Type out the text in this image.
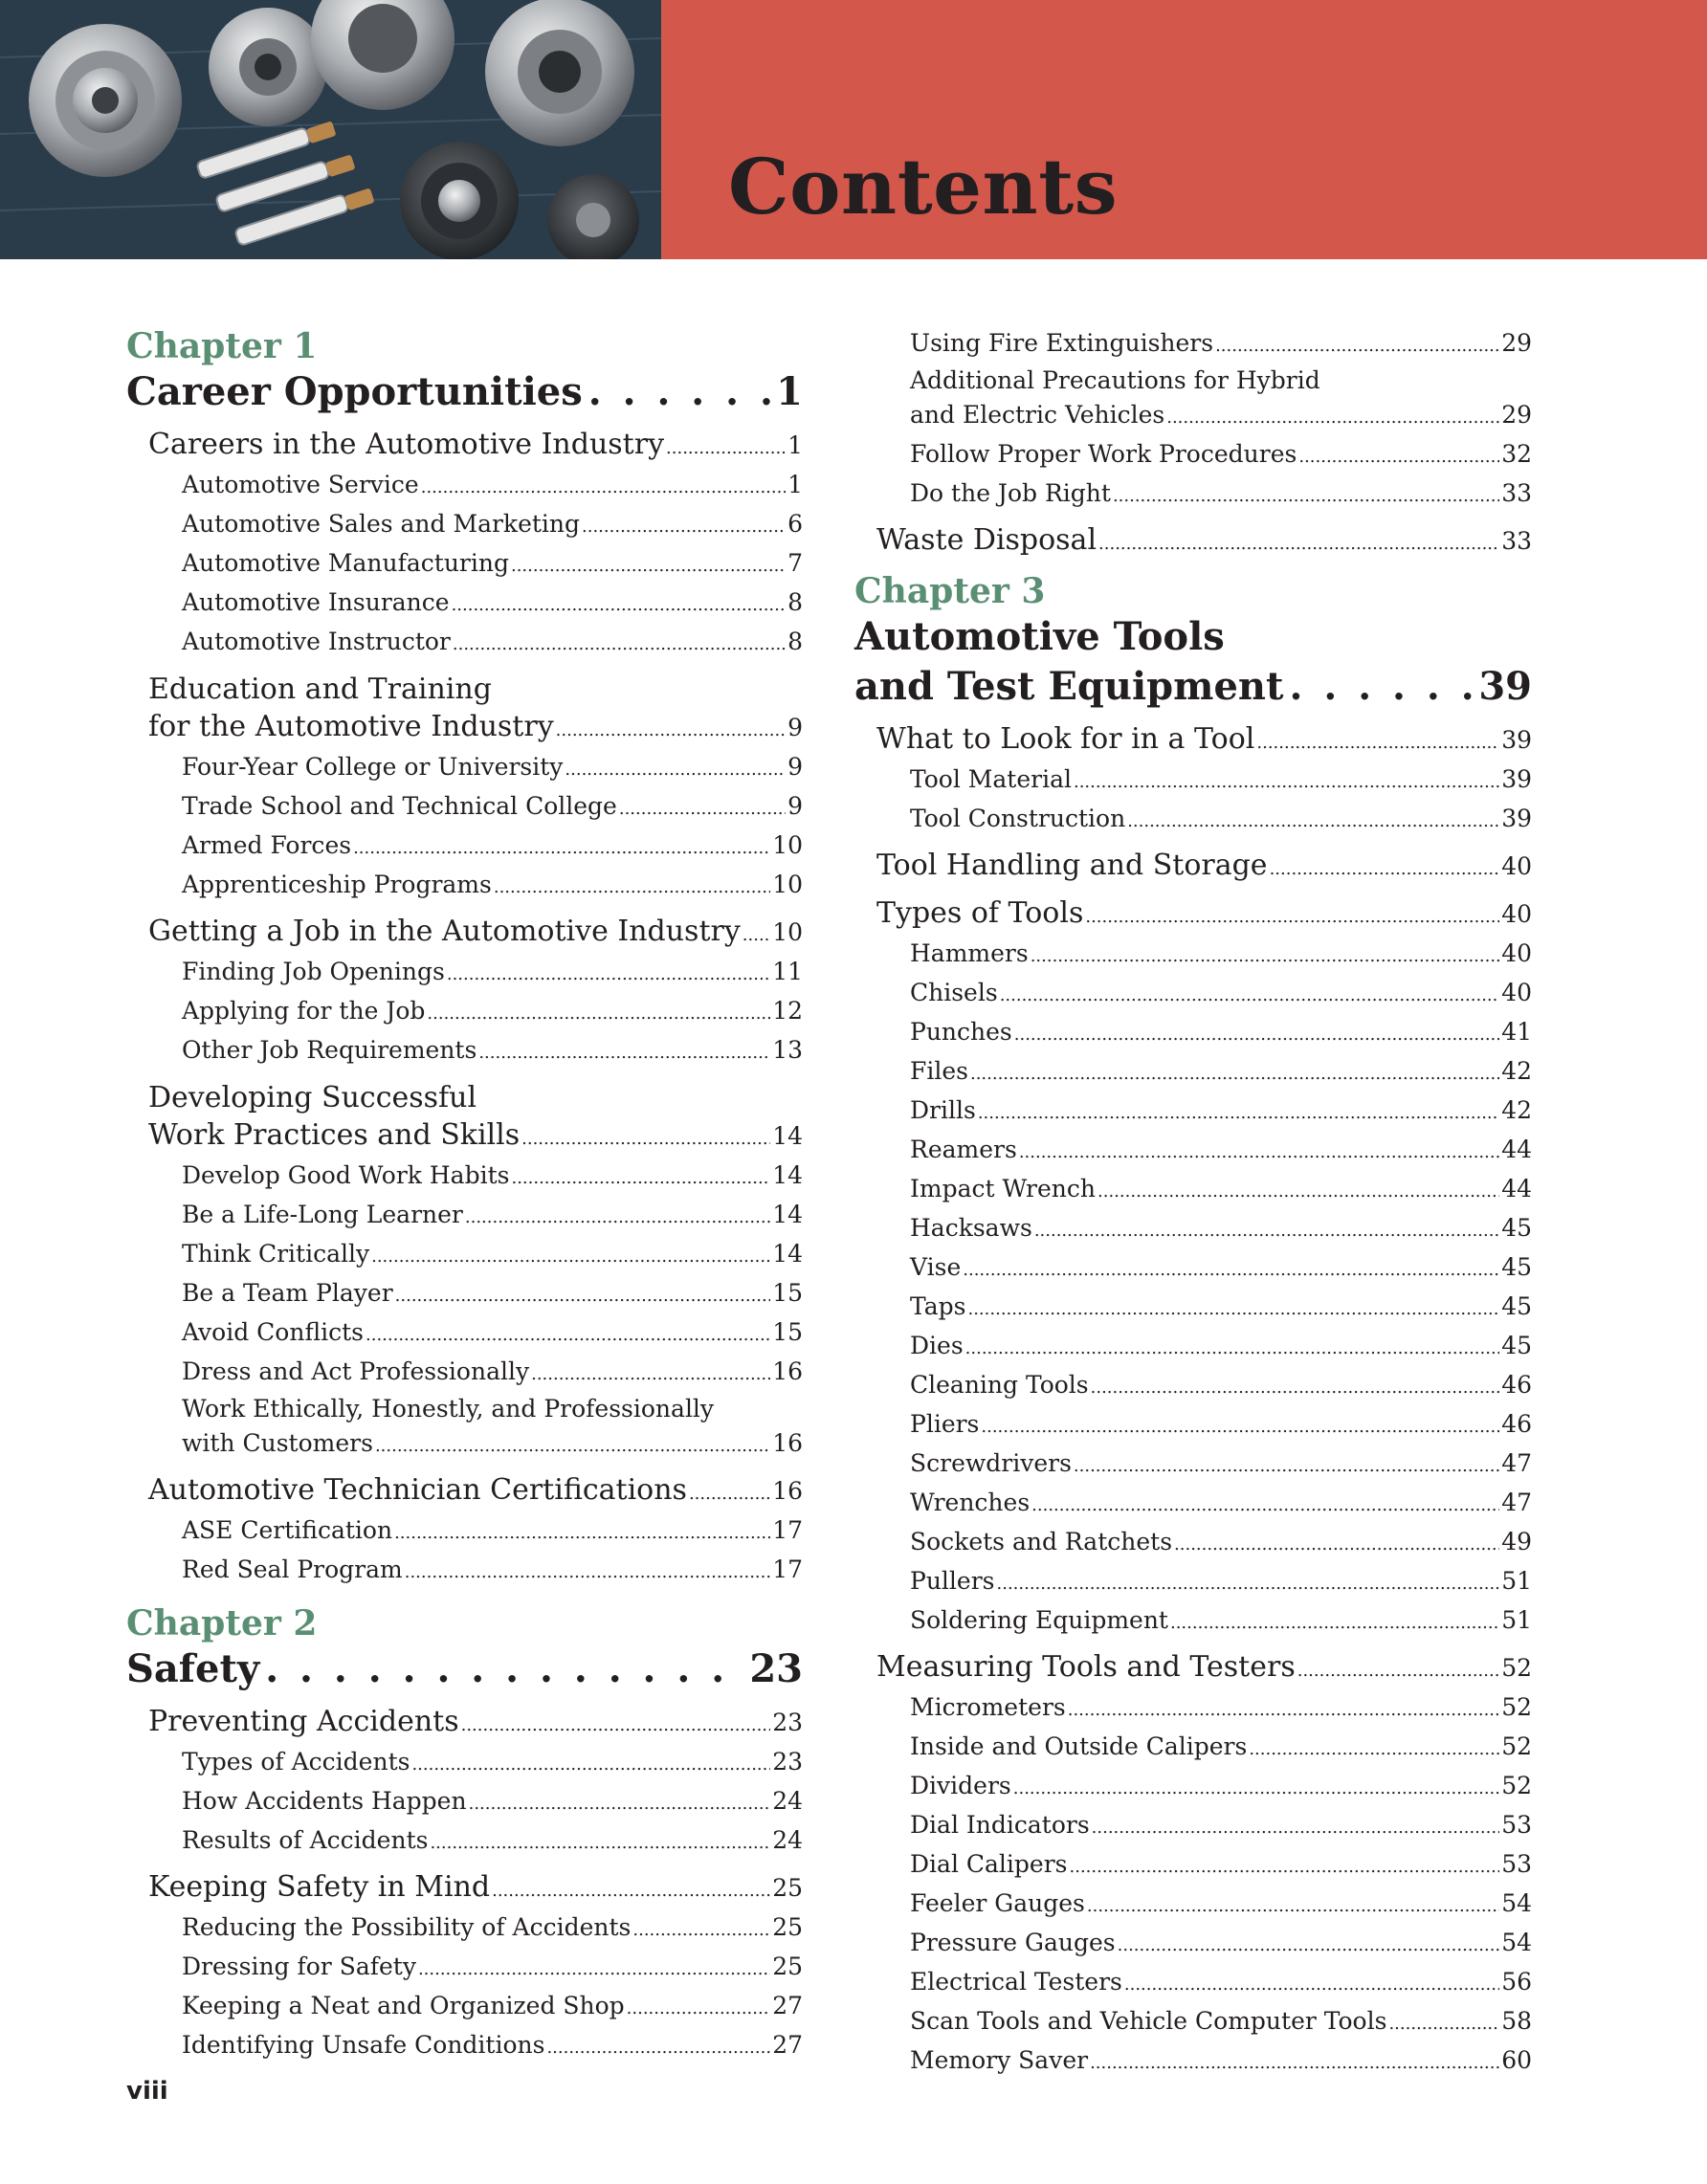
Contents
Chapter 1
Career Opportunities . . .	1
Careers in the Automotive Industry .....	1
Automotive Service .....	1
Automotive Sales and Marketing .....	6
Automotive Manufacturing .....	7
Automotive Insurance .....	8
Automotive Instructor .....	8
Education and Training
for the Automotive Industry .....	9
Four-Year College or University .....	9
Trade School and Technical College .....	9
Armed Forces .....	10
Apprenticeship Programs .....	10
Getting a Job in the Automotive Industry ..... 10
Finding Job Openings .....	11
Applying for the Job .....	12
Other Job Requirements .....	13
Developing Successful
Work Practices and Skills .....	14
Develop Good Work Habits .....	14
Be a Life-Long Learner .....	14
Think Critically .....	14
Be a Team Player .....	15
Avoid Conflicts .....	15
Dress and Act Professionally .....	16
Work Ethically, Honestly, and Professionally
with Customers .....	16
Automotive Technician Certifications .....	16
ASE Certification .....	17
Red Seal Program .....	17
Chapter 2
Safety . . .	23
Preventing Accidents .....	23
Types of Accidents .....	23
How Accidents Happen .....	24
Results of Accidents .....	24
Keeping Safety in Mind .....	25
Reducing the Possibility of Accidents .....	25
Dressing for Safety .....	25
Keeping a Neat and Organized Shop .....	27
Identifying Unsafe Conditions .....	27
Using Fire Extinguishers .....	29
Additional Precautions for Hybrid
and Electric Vehicles .....	29
Follow Proper Work Procedures .....	32
Do the Job Right .....	33
Waste Disposal .....	33
Chapter 3
Automotive Tools
and Test Equipment . . .	39
What to Look for in a Tool .....	39
Tool Material .....	39
Tool Construction .....	39
Tool Handling and Storage .....	40
Types of Tools .....	40
Hammers .....	40
Chisels .....	40
Punches .....	41
Files .....	42
Drills .....	42
Reamers .....	44
Impact Wrench .....	44
Hacksaws .....	45
Vise .....	45
Taps .....	45
Dies .....	45
Cleaning Tools .....	46
Pliers .....	46
Screwdrivers .....	47
Wrenches .....	47
Sockets and Ratchets .....	49
Pullers .....	51
Soldering Equipment .....	51
Measuring Tools and Testers .....	52
Micrometers .....	52
Inside and Outside Calipers .....	52
Dividers .....	52
Dial Indicators .....	53
Dial Calipers .....	53
Feeler Gauges .....	54
Pressure Gauges .....	54
Electrical Testers .....	56
Scan Tools and Vehicle Computer Tools .....	58
Memory Saver .....	60
viii
